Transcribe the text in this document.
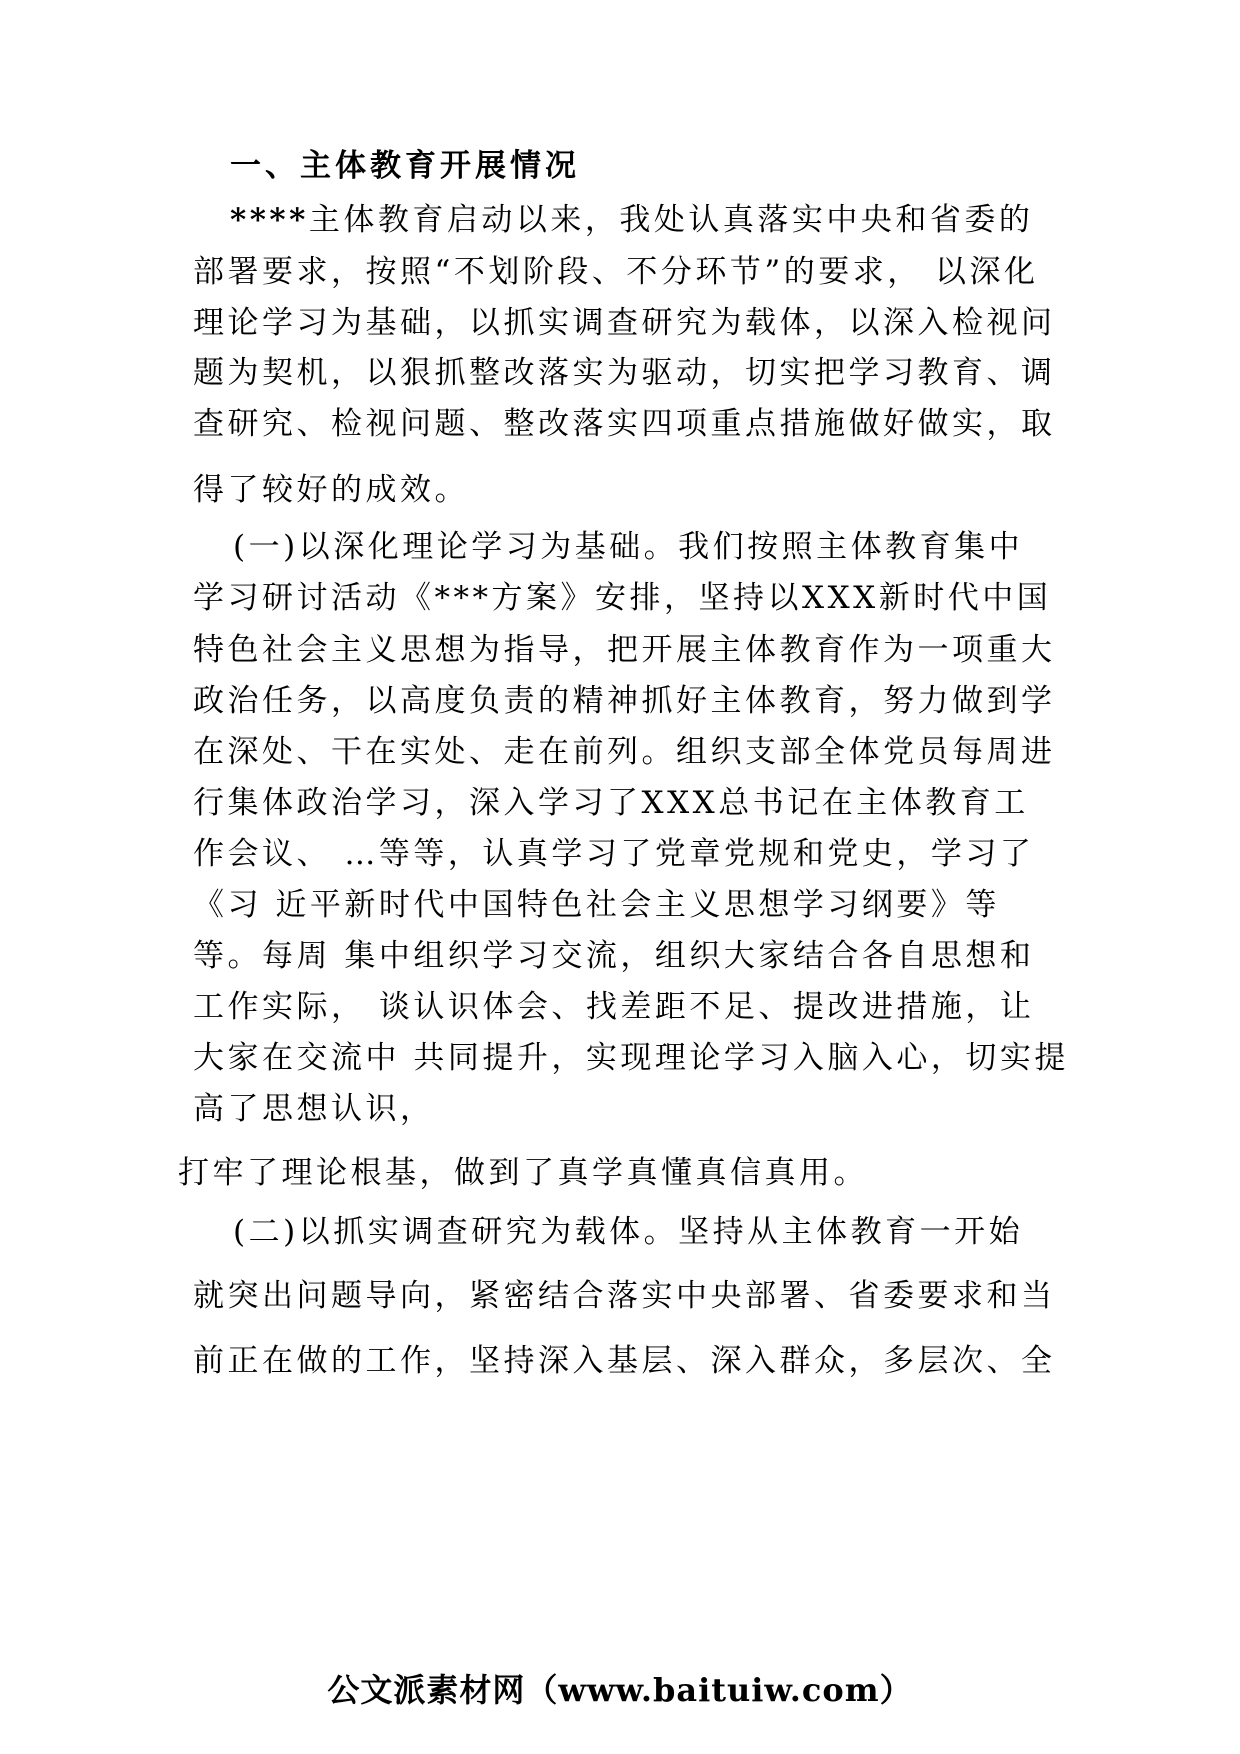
一、主体教育开展情况

****主体教育启动以来，我处认真落实中央和省委的

部署要求，按照“不划阶段、不分环节”的要求， 以深化

理论学习为基础，以抓实调查研究为载体，以深入检视问

题为契机，以狠抓整改落实为驱动，切实把学习教育、调

查研究、检视问题、整改落实四项重点措施做好做实，取

得了较好的成效。

(一)以深化理论学习为基础。我们按照主体教育集中

学习研讨活动《***方案》安排，坚持以XXX新时代中国

特色社会主义思想为指导，把开展主体教育作为一项重大

政治任务，以高度负责的精神抓好主体教育，努力做到学

在深处、干在实处、走在前列。组织支部全体党员每周进

行集体政治学习，深入学习了XXX总书记在主体教育工

作会议、 …等等，认真学习了党章党规和党史，学习了

《习 近平新时代中国特色社会主义思想学习纲要》等

等。每周 集中组织学习交流，组织大家结合各自思想和

工作实际， 谈认识体会、找差距不足、提改进措施，让

大家在交流中 共同提升，实现理论学习入脑入心，切实提

高了思想认识，

打牢了理论根基，做到了真学真懂真信真用。

(二)以抓实调查研究为载体。坚持从主体教育一开始

就突出问题导向，紧密结合落实中央部署、省委要求和当

前正在做的工作，坚持深入基层、深入群众，多层次、全

公文派素材网（www.baituiw.com）
